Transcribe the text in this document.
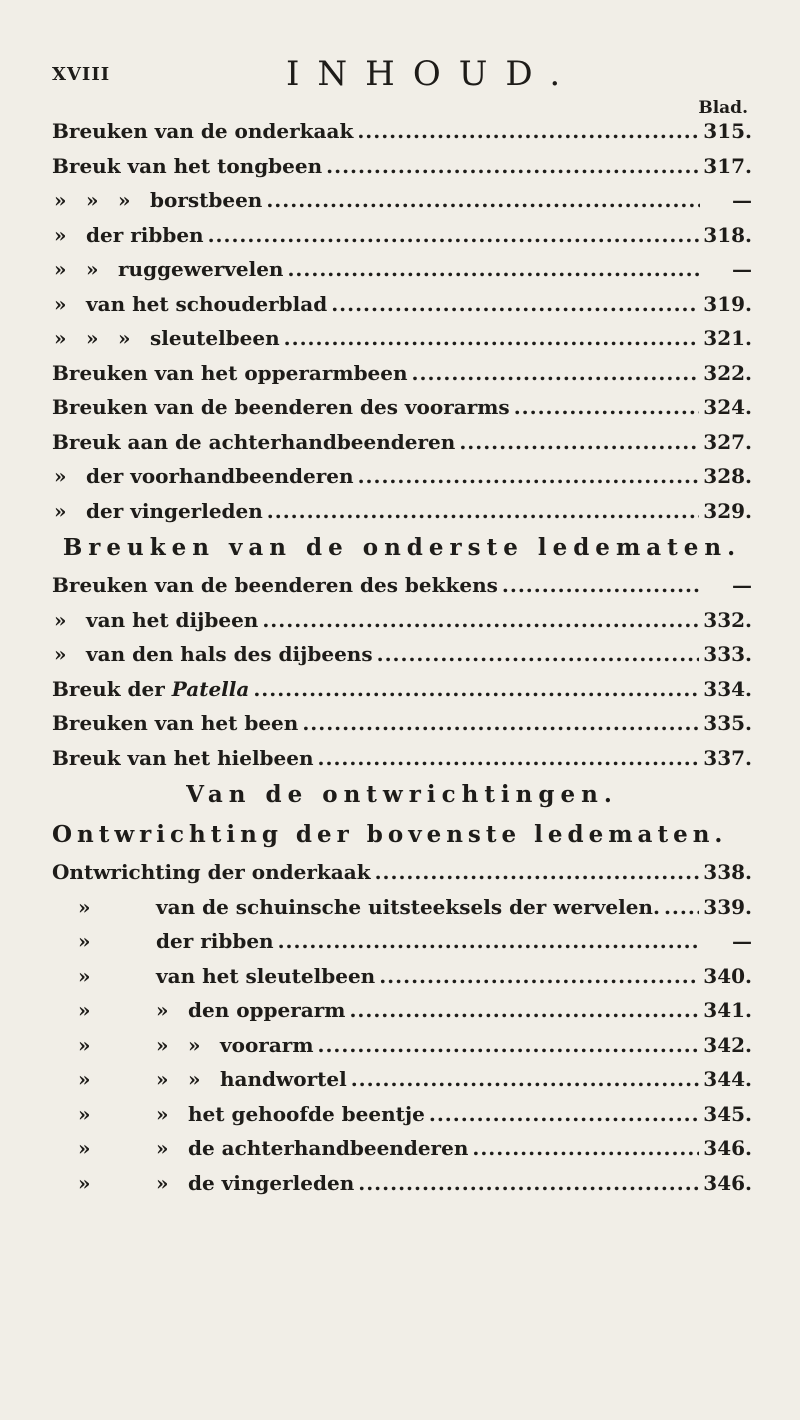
XVIII	INHOUD.
Blad.
Breuken van de onderkaak .....	315.
Breuk van het tongbeen .....	317.
» » » borstbeen .....	—
» der ribben .....	318.
» » ruggewervelen .....	—
» van het schouderblad .....	319.
» » » sleutelbeen .....	321.
Breuken van het opperarmbeen .....	322.
Breuken van de beenderen des voorarms .....	324.
Breuk aan de achterhandbeenderen .....	327.
» der voorhandbeenderen .....	328.
» der vingerleden .....	329.
Breuken van de onderste ledematen.
Breuken van de beenderen des bekkens .....	—
» van het dijbeen .....	332.
» van den hals des dijbeens .....	333.
Breuk der Patella .....	334.
Breuken van het been .....	335.
Breuk van het hielbeen .....	337.
Van de ontwrichtingen.
Ontwrichting der bovenste ledematen.
Ontwrichting der onderkaak .....	338.
»	van de schuinsche uitsteeksels der wervelen. ..... 339.
»	der ribben .....	—
»	van het sleutelbeen .....	340.
»	» den opperarm .....	341.
»	» » voorarm .....	342.
»	» » handwortel .....	344.
»	» het gehoofde beentje .....	345.
»	» de achterhandbeenderen .....	346.
»	» de vingerleden .....	346.
